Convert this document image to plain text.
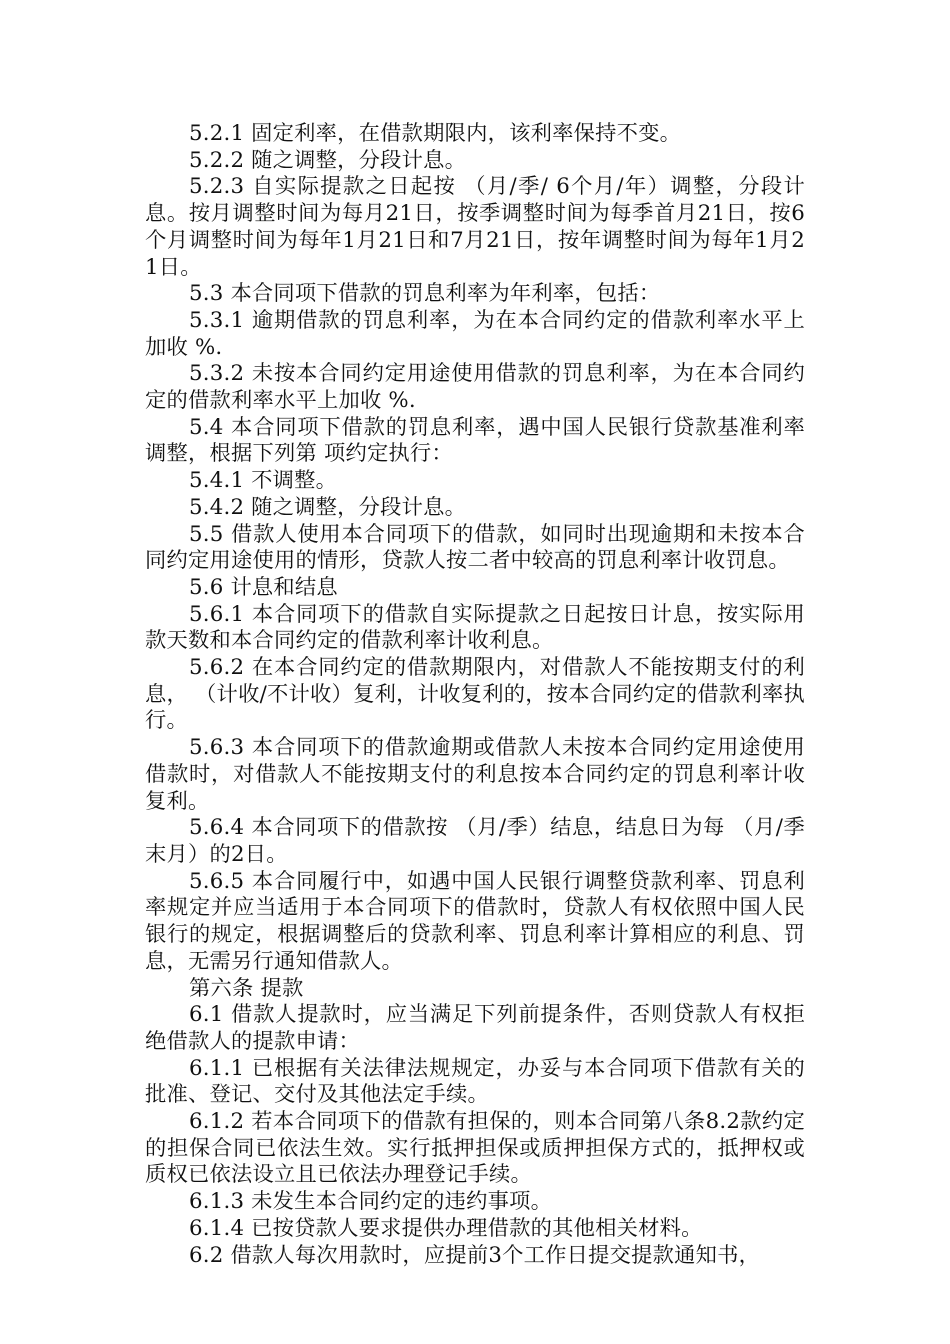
5.2.1 固定利率，在借款期限内，该利率保持不变。

5.2.2 随之调整，分段计息。

5.2.3 自实际提款之日起按 （月/季/ 6个月/年）调整，分段计息。按月调整时间为每月21日，按季调整时间为每季首月21日，按6个月调整时间为每年1月21日和7月21日，按年调整时间为每年1月21日。

5.3 本合同项下借款的罚息利率为年利率，包括：

5.3.1 逾期借款的罚息利率，为在本合同约定的借款利率水平上加收 %.

5.3.2 未按本合同约定用途使用借款的罚息利率，为在本合同约定的借款利率水平上加收 %.

5.4 本合同项下借款的罚息利率，遇中国人民银行贷款基准利率调整，根据下列第 项约定执行：

5.4.1 不调整。

5.4.2 随之调整，分段计息。

5.5 借款人使用本合同项下的借款，如同时出现逾期和未按本合同约定用途使用的情形，贷款人按二者中较高的罚息利率计收罚息。

5.6 计息和结息

5.6.1 本合同项下的借款自实际提款之日起按日计息，按实际用款天数和本合同约定的借款利率计收利息。

5.6.2 在本合同约定的借款期限内，对借款人不能按期支付的利息， （计收/不计收）复利，计收复利的，按本合同约定的借款利率执行。

5.6.3 本合同项下的借款逾期或借款人未按本合同约定用途使用借款时，对借款人不能按期支付的利息按本合同约定的罚息利率计收复利。

5.6.4 本合同项下的借款按 （月/季）结息，结息日为每 （月/季末月）的2日。

5.6.5 本合同履行中，如遇中国人民银行调整贷款利率、罚息利率规定并应当适用于本合同项下的借款时，贷款人有权依照中国人民银行的规定，根据调整后的贷款利率、罚息利率计算相应的利息、罚息，无需另行通知借款人。

第六条 提款

6.1 借款人提款时，应当满足下列前提条件，否则贷款人有权拒绝借款人的提款申请：

6.1.1 已根据有关法律法规规定，办妥与本合同项下借款有关的批准、登记、交付及其他法定手续。

6.1.2 若本合同项下的借款有担保的，则本合同第八条8.2款约定的担保合同已依法生效。实行抵押担保或质押担保方式的，抵押权或质权已依法设立且已依法办理登记手续。

6.1.3 未发生本合同约定的违约事项。

6.1.4 已按贷款人要求提供办理借款的其他相关材料。

6.2 借款人每次用款时，应提前3个工作日提交提款通知书，
